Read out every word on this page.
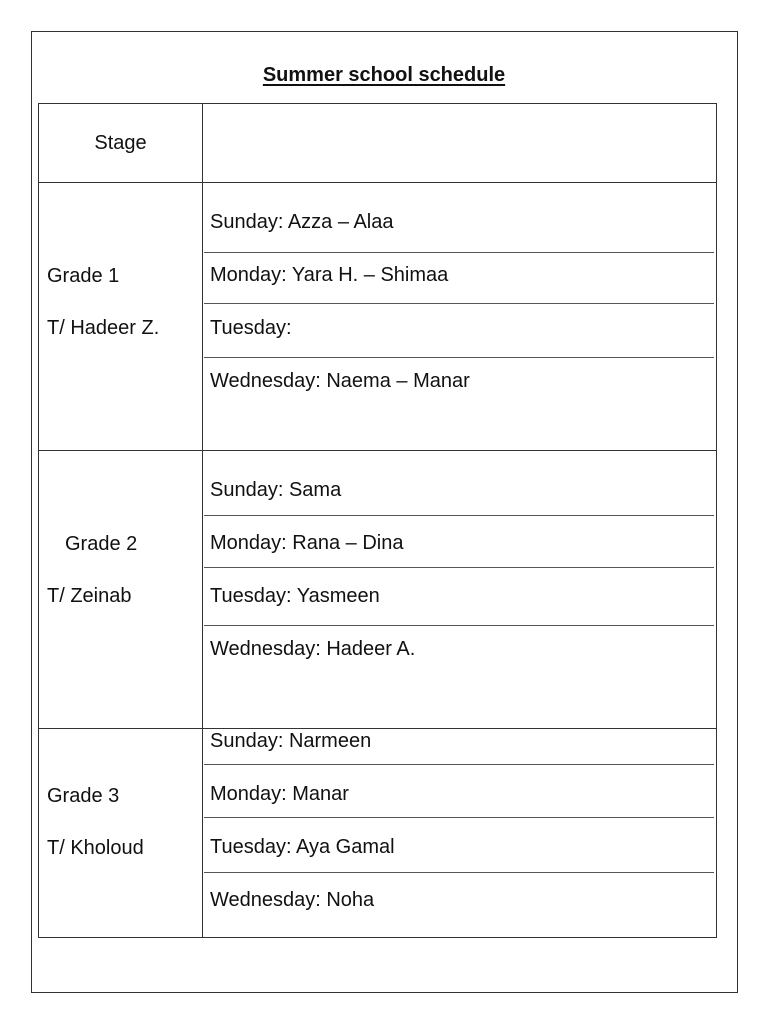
Summer school schedule
Stage
Grade 1
T/ Hadeer Z.
Grade 2
T/ Zeinab
Grade 3
T/ Kholoud
Sunday: Azza – Alaa
Monday: Yara H. – Shimaa
Tuesday:
Wednesday: Naema – Manar
Sunday: Sama
Monday: Rana – Dina
Tuesday: Yasmeen
Wednesday: Hadeer A.
Sunday: Narmeen
Monday: Manar
Tuesday: Aya Gamal
Wednesday: Noha
